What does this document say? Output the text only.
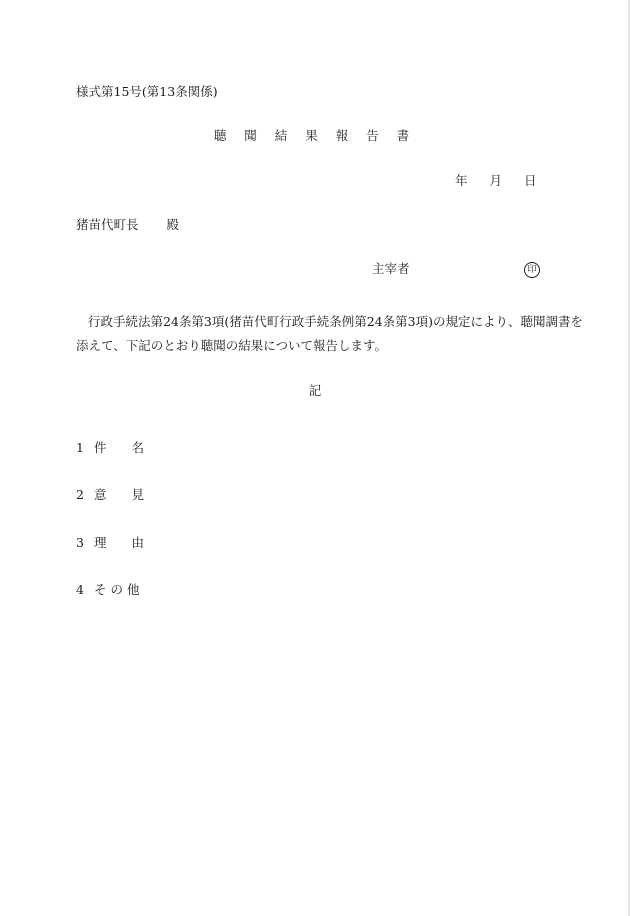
様式第15号(第13条関係)
聴 聞 結 果 報 告 書
年 月 日
猪苗代町長 殿
主宰者	印
行政手続法第24条第3項(猪苗代町行政手続条例第24条第3項)の規定により、聴聞調書を
添えて、下記のとおり聴聞の結果について報告します。
記
1 件　　名
2 意　　見
3 理　　由
4 そ の 他
